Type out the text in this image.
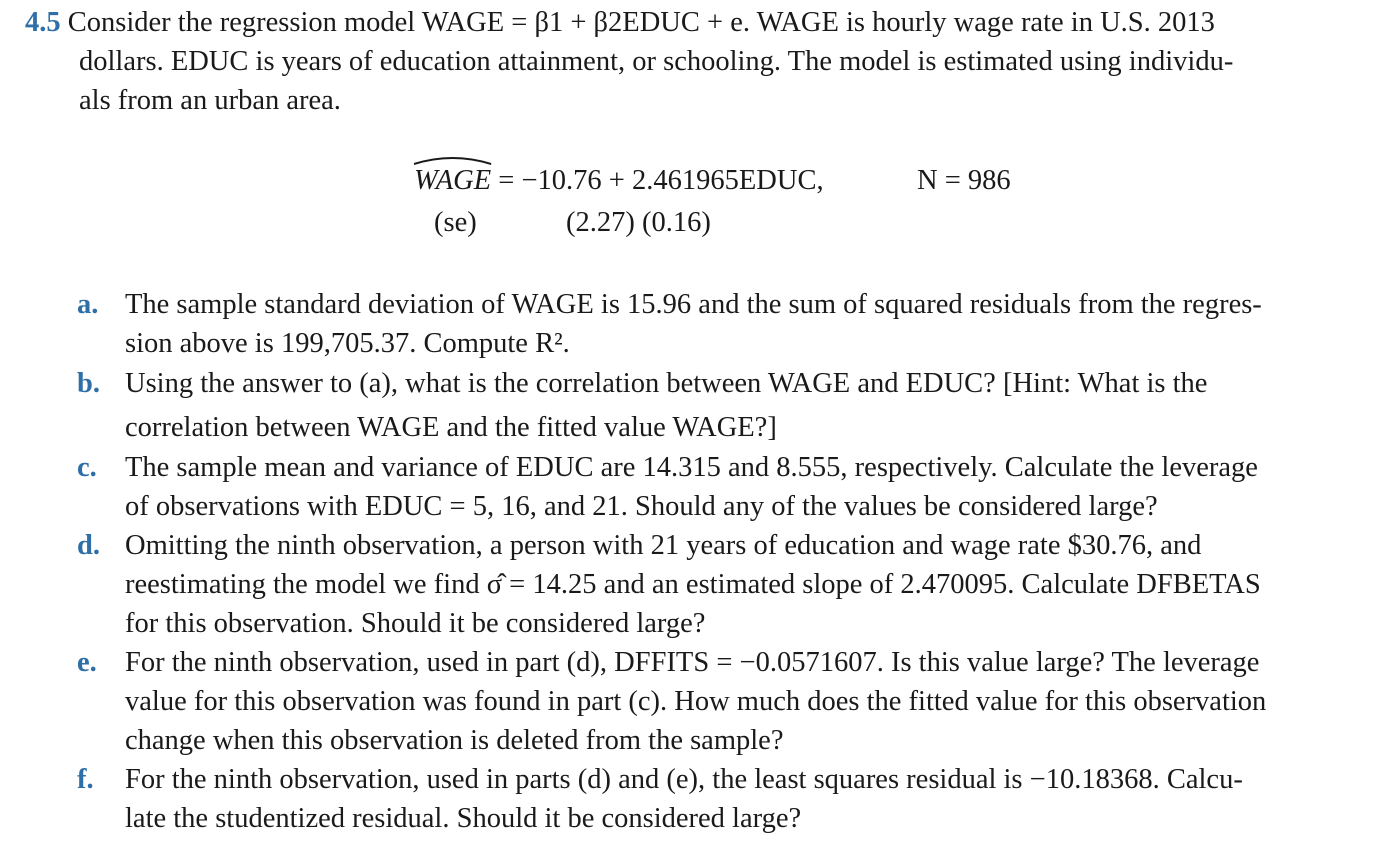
4.5 Consider the regression model WAGE = β1 + β2EDUC + e. WAGE is hourly wage rate in U.S. 2013
dollars. EDUC is years of education attainment, or schooling. The model is estimated using individu-
als from an urban area.
WAGE = −10.76 + 2.461965EDUC,	N = 986
(se)	(2.27) (0.16)
a. The sample standard deviation of WAGE is 15.96 and the sum of squared residuals from the regres-
sion above is 199,705.37. Compute R².
b. Using the answer to (a), what is the correlation between WAGE and EDUC? [Hint: What is the
correlation between WAGE and the fitted value WAGE?]
c. The sample mean and variance of EDUC are 14.315 and 8.555, respectively. Calculate the leverage
of observations with EDUC = 5, 16, and 21. Should any of the values be considered large?
d. Omitting the ninth observation, a person with 21 years of education and wage rate $30.76, and
reestimating the model we find σ̂ = 14.25 and an estimated slope of 2.470095. Calculate DFBETAS
for this observation. Should it be considered large?
e. For the ninth observation, used in part (d), DFFITS = −0.0571607. Is this value large? The leverage
value for this observation was found in part (c). How much does the fitted value for this observation
change when this observation is deleted from the sample?
f. For the ninth observation, used in parts (d) and (e), the least squares residual is −10.18368. Calcu-
late the studentized residual. Should it be considered large?
